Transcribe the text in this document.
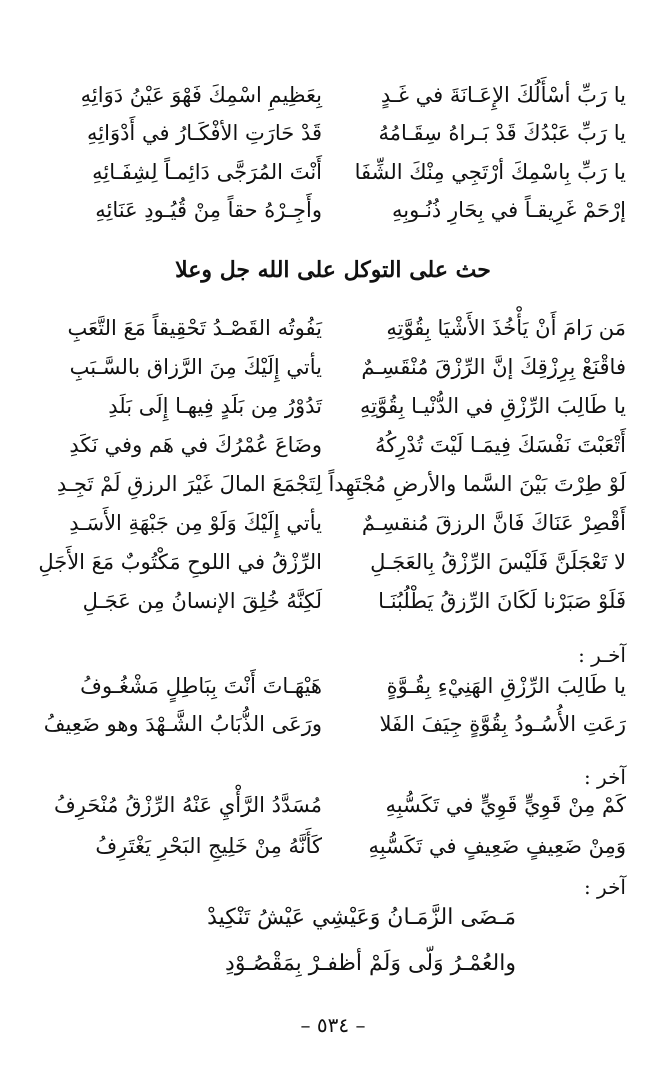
يا رَبِّ أسْأَلُكَ الإِعَـانَةَ في غَـدٍ
بِعَظِيمِ اسْمِكَ فَهْوَ عَيْنُ دَوَائِهِ
يا رَبِّ عَبْدُكَ قَدْ بَـراهُ سِقَـامُهُ
قَدْ حَارَتِ الأفْكَـارُ في أَدْوَائِهِ
يا رَبِّ بِاسْمِكَ أرْتَجِي مِنْكَ الشِّفَا
أَنْتَ المُرَجَّى دَائِمـاً لِشِفَـائِهِ
إرْحَمْ غَرِيقـاً في بِحَارِ ذُنُـوبِهِ
وأَجِـرْهُ حقاً مِنْ قُيُـودِ عَنَائِهِ
حث على التوكل على الله جل وعلا
مَن رَامَ أَنْ يَأْخُذَ الأَشْيَا بِقُوَّتِهِ
يَفُوتُه القَصْـدُ تَحْقِيقاً مَعَ التَّعَبِ
فاقْنَعْ بِرِزْقِكَ إنَّ الرِّزْقَ مُنْقَسِـمٌ
يأتي إِلَيْكَ مِنَ الرَّزاق بالسَّـبَبِ
يا طَالِبَ الرِّزْقِ في الدُّنْيـا بِقُوَّتِهِ
تَدُوْرُ مِن بَلَدٍ فِيهـا إِلَى بَلَدِ
أَتْعَبْتَ نَفْسَكَ فِيمَـا لَيْتَ تُدْرِكُهُ
وضَاعَ عُمْرُكَ في هَم وفي نَكَدِ
لَوْ طِرْتَ بَيْنَ السَّما والأرضِ مُجْتَهِداً
لِتَجْمَعَ المالَ غَيْرَ الرزقِ لَمْ تَجِـدِ
أَقْصِرْ عَنَاكَ فَانَّ الرزقَ مُنقسِـمٌ
يأتي إِلَيْكَ وَلَوْ مِن جَبْهَةِ الأَسَـدِ
لا تَعْجَلَنَّ فَلَيْسَ الرِّزْقُ بِالعَجَـلِ
الرِّزْقُ في اللوحِ مَكْتُوبٌ مَعَ الأَجَلِ
فَلَوْ صَبَرْنا لَكَانَ الرِّزقُ يَطْلُبُنَـا
لَكِنَّهُ خُلِقَ الإنسانُ مِن عَجَـلِ
آخـر :
يا طَالِبَ الرِّزْقِ الهَنِيْءِ بِقُـوَّةٍ
هَيْهَـاتَ أَنْتَ بِبَاطِلٍ مَشْغُـوفُ
رَعَتِ الأُسُـودُ بِقُوَّةٍ جِيَفَ الفَلا
ورَعَى الذُّبَابُ الشَّـهْدَ وهو ضَعِيفُ
آخر :
كَمْ مِنْ قَوِيٍّ قَوِيٍّ في تَكَسُّبِهِ
مُسَدَّدُ الرَّأْيِ عَنْهُ الرِّزْقُ مُنْحَرِفُ
وَمِنْ ضَعِيفٍ ضَعِيفٍ في تَكَسُّبِهِ
كَأَنَّهُ مِنْ خَلِيجِ البَحْرِ يَغْتَرِفُ
آخر :
مَـضَى الزَّمَـانُ وَعَيْشِي عَيْشُ تَنْكِيدْ
والعُمْـرُ وَلّى وَلَمْ أظفـرْ بِمَقْصُـوْدِ
– ٥٣٤ –
